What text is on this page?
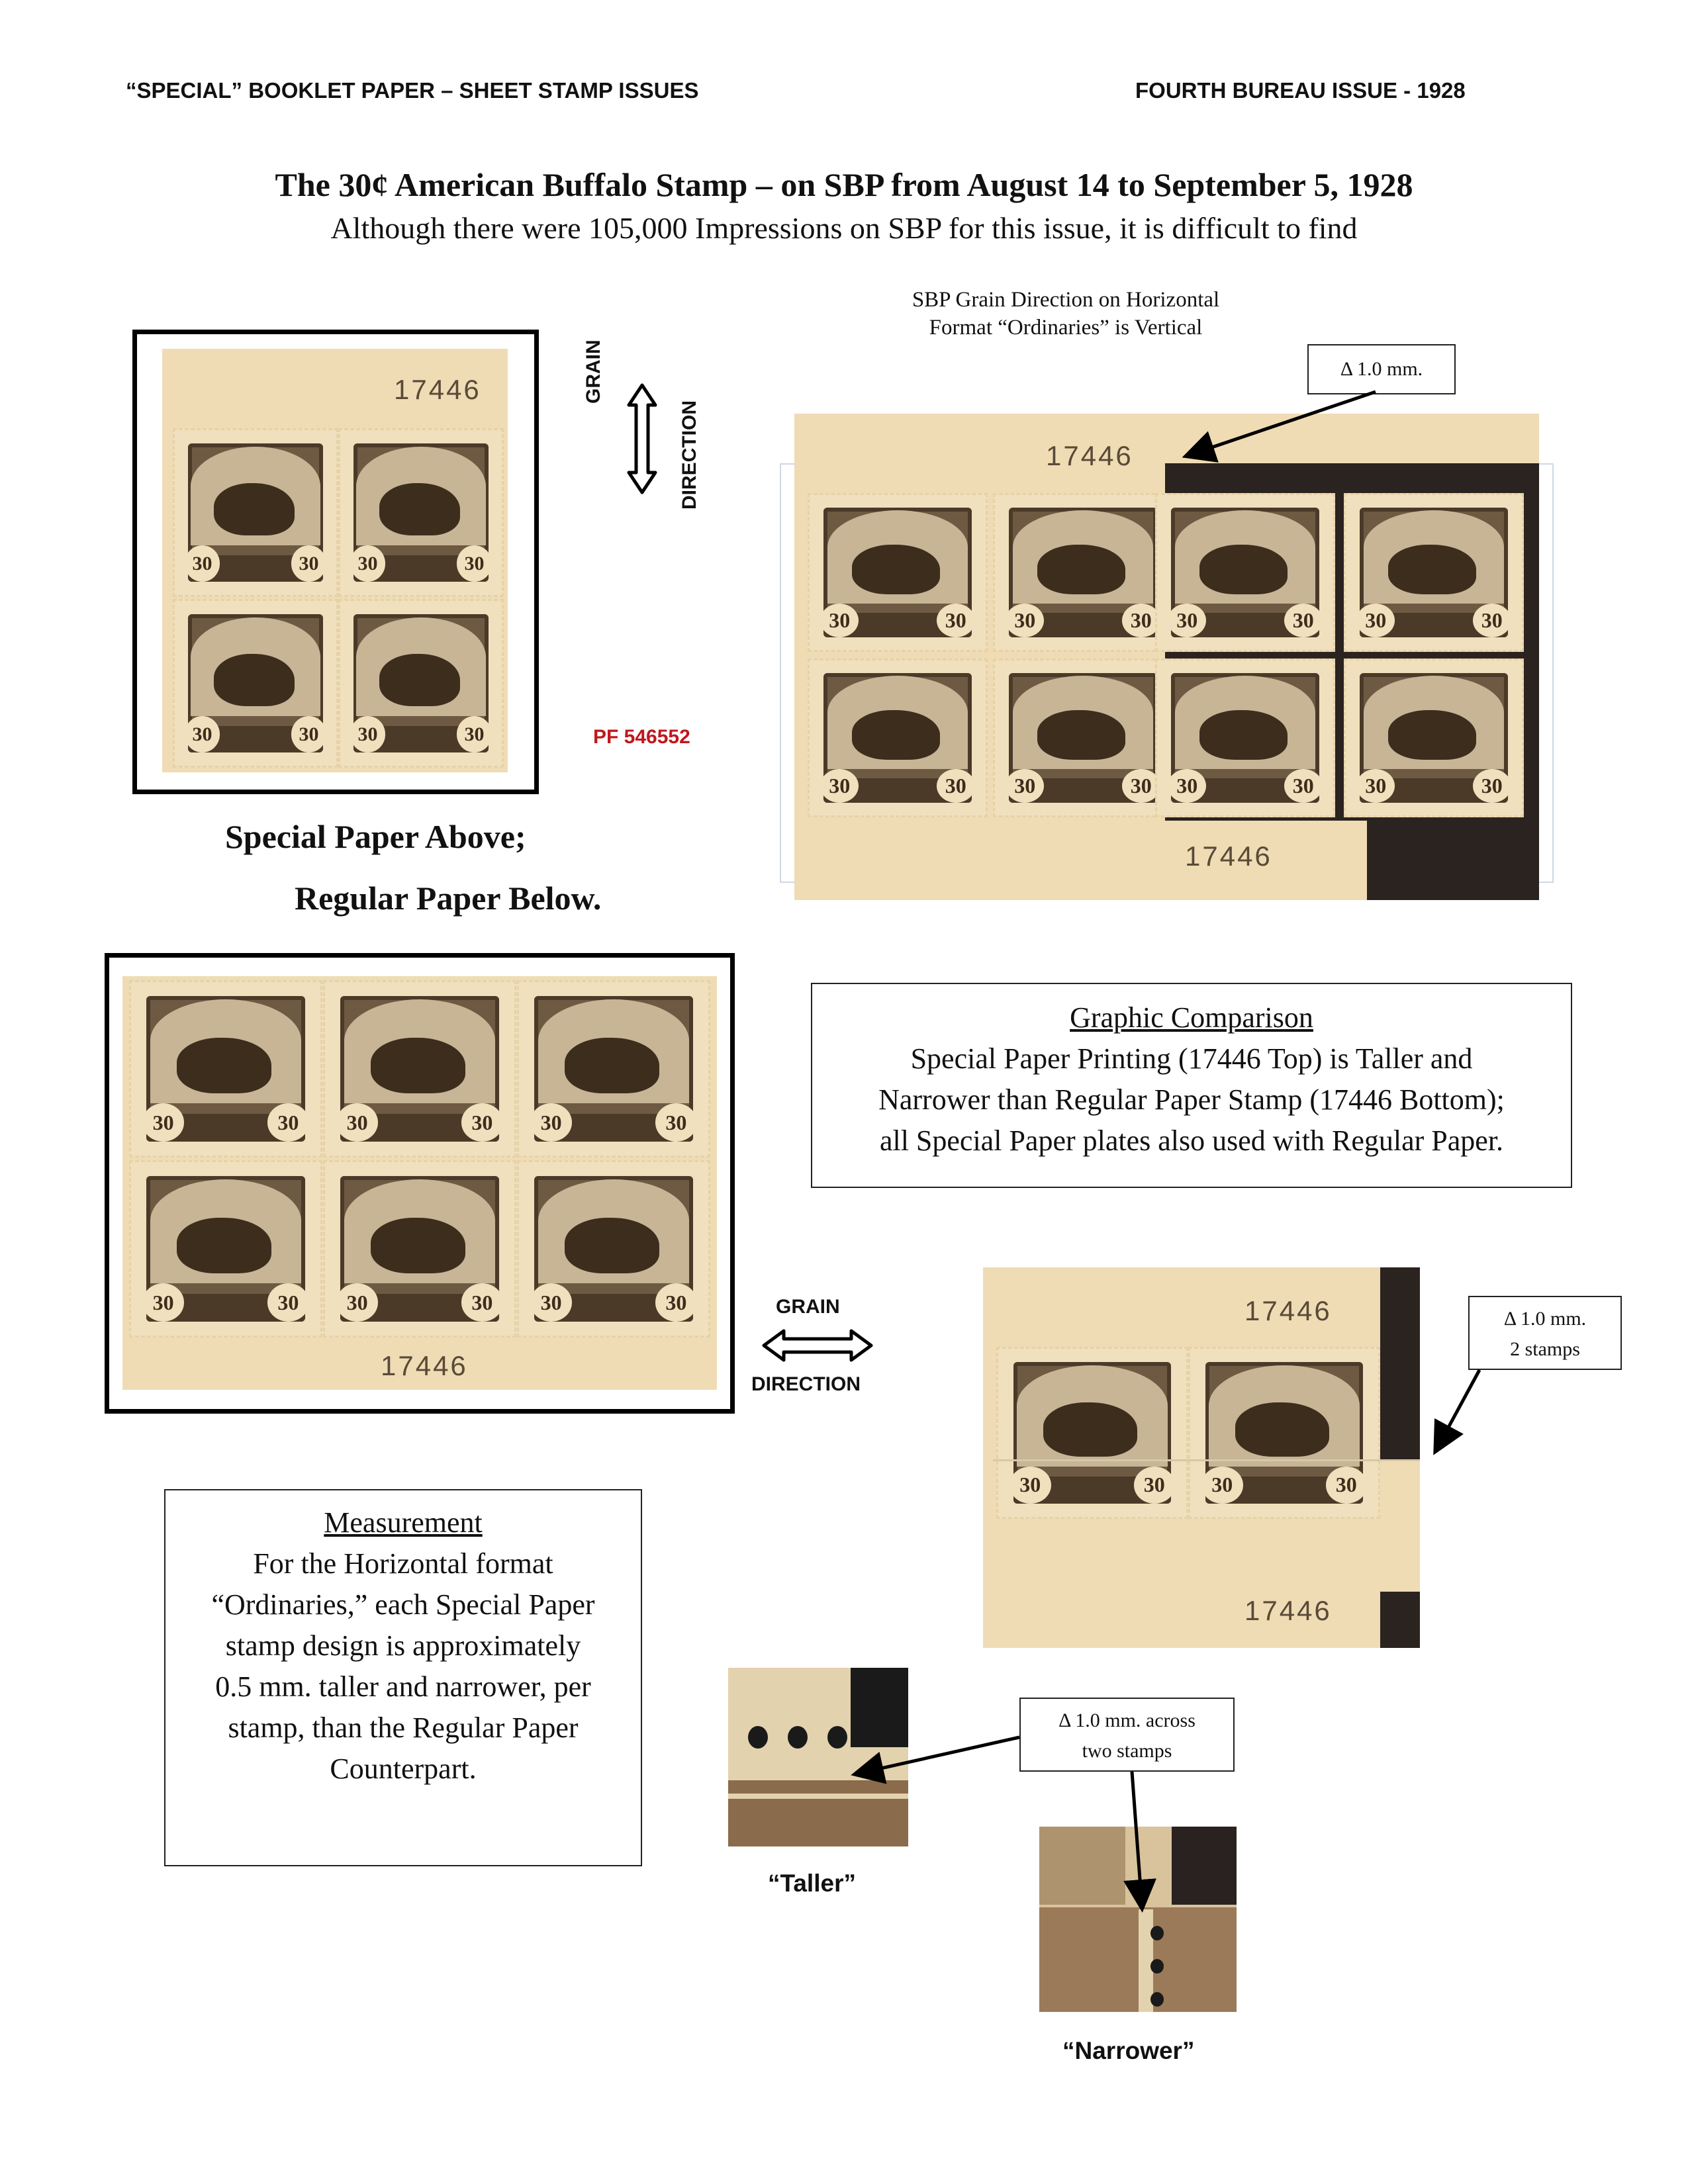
“SPECIAL” BOOKLET PAPER – SHEET STAMP ISSUES	FOURTH BUREAU ISSUE - 1928
The 30¢ American Buffalo Stamp – on SBP from August 14 to September 5, 1928
Although there were 105,000 Impressions on SBP for this issue, it is difficult to find
SBP Grain Direction on Horizontal
Format “Ordinaries” is Vertical
17446
30	30	30	30
30	30	30	30
GRAIN
DIRECTION
PF 546552
Special Paper Above;
Regular Paper Below.
17446
30	30	30	30	30	30	30	30
30	30	30	30	30	30	30	30
17446
Δ 1.0 mm.
30	30	30	30	30	30
30	30	30	30	30	30
17446
Graphic Comparison
Special Paper Printing (17446 Top) is Taller and
Narrower than Regular Paper Stamp (17446 Bottom);
all Special Paper plates also used with Regular Paper.
GRAIN
DIRECTION
17446
30	30	30	30
17446
Δ 1.0 mm.
2 stamps
Measurement
For the Horizontal format
“Ordinaries,” each Special Paper
stamp design is approximately
0.5 mm. taller and narrower, per
stamp, than the Regular Paper
Counterpart.
“Taller”
Δ 1.0 mm. across
two stamps
“Narrower”
